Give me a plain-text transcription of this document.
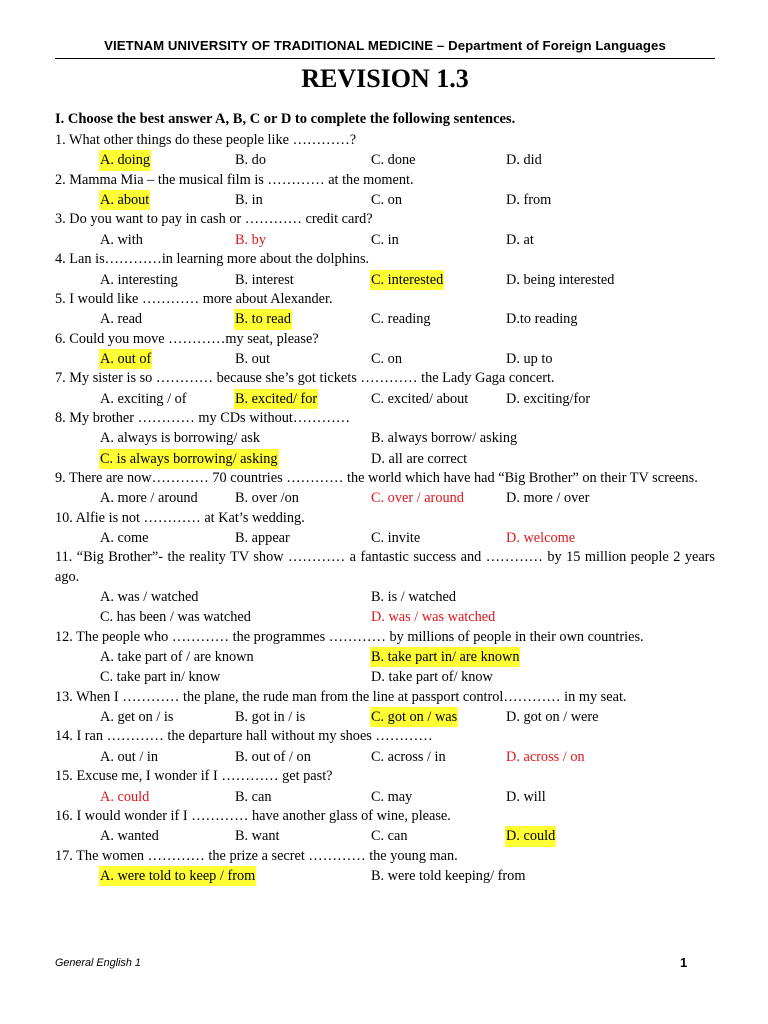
VIETNAM UNIVERSITY OF TRADITIONAL MEDICINE – Department of Foreign Languages
REVISION 1.3
I. Choose the best answer A, B, C or D to complete the following sentences.
1. What other things do these people like …………?
A. doing	B. do	C. done	D. did
2. Mamma Mia – the musical film is ………… at the moment.
A. about	B. in	C. on	D. from
3. Do you want to pay in cash or ………… credit card?
A. with	B. by	C. in	D. at
4. Lan is…………in learning more about the dolphins.
A. interesting	B. interest	C. interested	D. being interested
5. I would like ………… more about Alexander.
A. read	B. to read	C. reading	D.to reading
6. Could you move …………my seat, please?
A. out of	B. out	C. on	D. up to
7. My sister is so ………… because she’s got tickets ………… the Lady Gaga concert.
A. exciting / of	B. excited/ for	C. excited/ about	D. exciting/for
8. My brother ………… my CDs without…………
A. always is borrowing/ ask	B. always borrow/ asking
C. is always borrowing/ asking	D. all are correct
9. There are now………… 70 countries ………… the world which have had “Big Brother” on their TV screens.
A. more / around	B. over /on	C. over / around	D. more / over
10. Alfie is not ………… at Kat’s wedding.
A. come	B. appear	C. invite	D. welcome
11. “Big Brother”- the reality TV show ………… a fantastic success and ………… by 15 million people 2 years ago.
A. was / watched	B. is / watched
C. has been / was watched	D. was / was watched
12. The people who ………… the programmes ………… by millions of people in their own countries.
A. take part of / are known	B. take part in/ are known
C. take part in/ know	D. take part of/ know
13. When I ………… the plane, the rude man from the line at passport control………… in my seat.
A. get on / is	B. got in / is	C. got on / was	D. got on / were
14. I ran ………… the departure hall without my shoes …………
A. out / in	B. out of / on	C. across / in	D. across / on
15. Excuse me, I wonder if I ………… get past?
A. could	B. can	C. may	D. will
16. I would wonder if I ………… have another glass of wine, please.
A. wanted	B. want	C. can	D. could
17. The women ………… the prize a secret ………… the young man.
A. were told to keep / from	B. were told keeping/ from
General English 1	1
